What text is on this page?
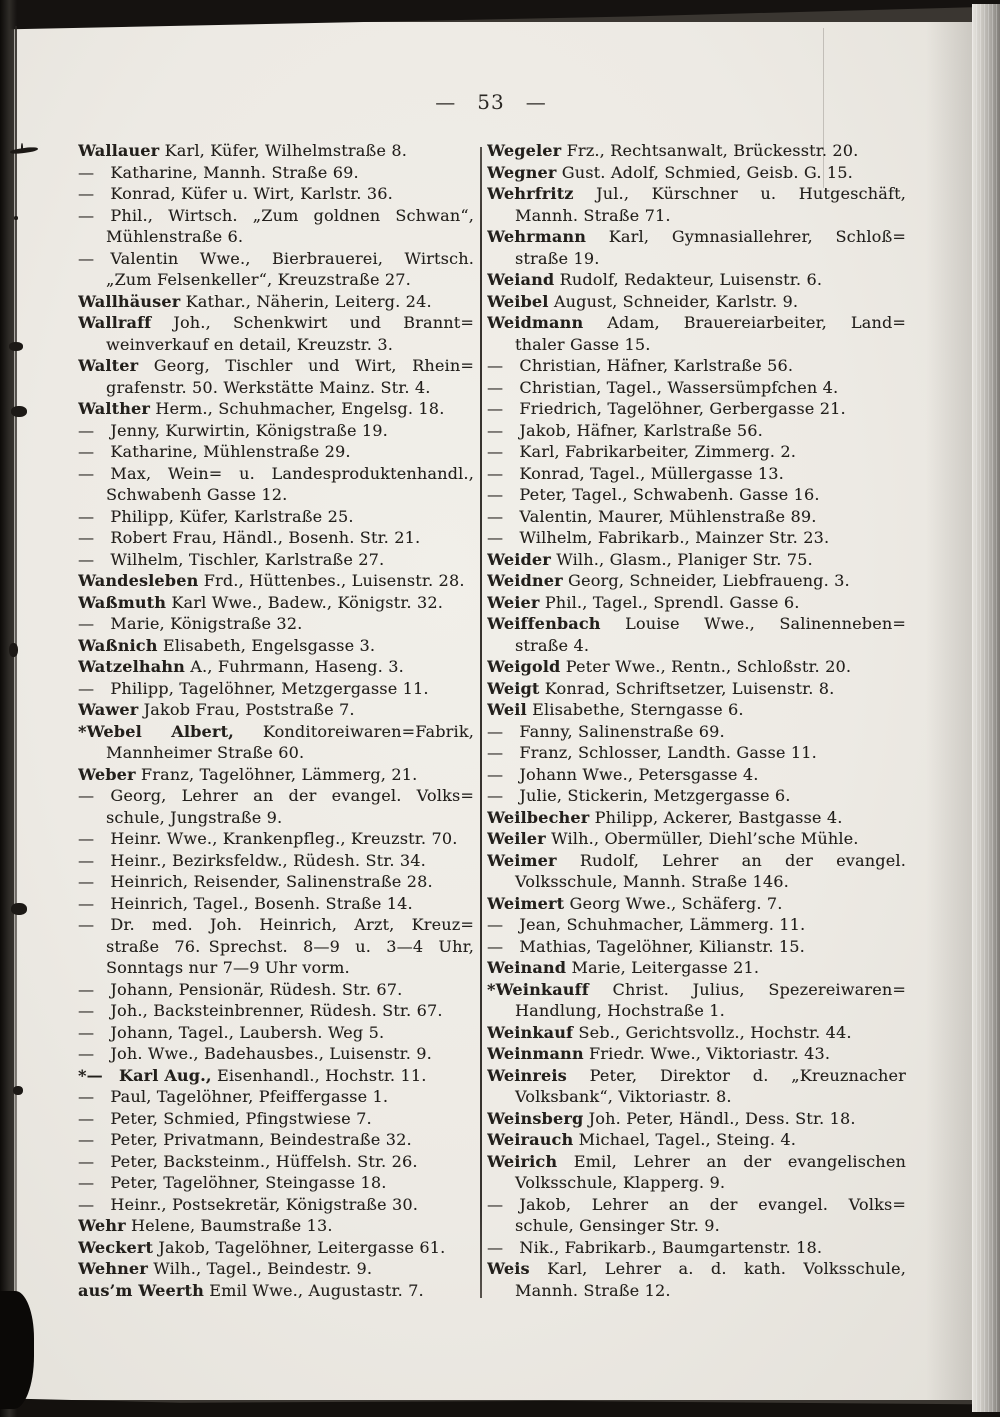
— 53 —
Wallauer Karl, Küfer, Wilhelmstraße 8.
— Katharine, Mannh. Straße 69.
— Konrad, Küfer u. Wirt, Karlstr. 36.
— Phil., Wirtsch. „Zum goldnen Schwan“,
Mühlenstraße 6.
— Valentin Wwe., Bierbrauerei, Wirtsch.
„Zum Felsenkeller“, Kreuzstraße 27.
Wallhäuser Kathar., Näherin, Leiterg. 24.
Wallraff Joh., Schenkwirt und Brannt=
weinverkauf en detail, Kreuzstr. 3.
Walter Georg, Tischler und Wirt, Rhein=
grafenstr. 50. Werkstätte Mainz. Str. 4.
Walther Herm., Schuhmacher, Engelsg. 18.
— Jenny, Kurwirtin, Königstraße 19.
— Katharine, Mühlenstraße 29.
— Max, Wein= u. Landesproduktenhandl.,
Schwabenh Gasse 12.
— Philipp, Küfer, Karlstraße 25.
— Robert Frau, Händl., Bosenh. Str. 21.
— Wilhelm, Tischler, Karlstraße 27.
Wandesleben Frd., Hüttenbes., Luisenstr. 28.
Waßmuth Karl Wwe., Badew., Königstr. 32.
— Marie, Königstraße 32.
Waßnich Elisabeth, Engelsgasse 3.
Watzelhahn A., Fuhrmann, Haseng. 3.
— Philipp, Tagelöhner, Metzgergasse 11.
Wawer Jakob Frau, Poststraße 7.
*Webel Albert, Konditoreiwaren=Fabrik,
Mannheimer Straße 60.
Weber Franz, Tagelöhner, Lämmerg, 21.
— Georg, Lehrer an der evangel. Volks=
schule, Jungstraße 9.
— Heinr. Wwe., Krankenpfleg., Kreuzstr. 70.
— Heinr., Bezirksfeldw., Rüdesh. Str. 34.
— Heinrich, Reisender, Salinenstraße 28.
— Heinrich, Tagel., Bosenh. Straße 14.
— Dr. med. Joh. Heinrich, Arzt, Kreuz=
straße 76. Sprechst. 8—9 u. 3—4 Uhr,
Sonntags nur 7—9 Uhr vorm.
— Johann, Pensionär, Rüdesh. Str. 67.
— Joh., Backsteinbrenner, Rüdesh. Str. 67.
— Johann, Tagel., Laubersh. Weg 5.
— Joh. Wwe., Badehausbes., Luisenstr. 9.
*— Karl Aug., Eisenhandl., Hochstr. 11.
— Paul, Tagelöhner, Pfeiffergasse 1.
— Peter, Schmied, Pfingstwiese 7.
— Peter, Privatmann, Beindestraße 32.
— Peter, Backsteinm., Hüffelsh. Str. 26.
— Peter, Tagelöhner, Steingasse 18.
— Heinr., Postsekretär, Königstraße 30.
Wehr Helene, Baumstraße 13.
Weckert Jakob, Tagelöhner, Leitergasse 61.
Wehner Wilh., Tagel., Beindestr. 9.
aus’m Weerth Emil Wwe., Augustastr. 7.
Wegeler Frz., Rechtsanwalt, Brückesstr. 20.
Wegner Gust. Adolf, Schmied, Geisb. G. 15.
Wehrfritz Jul., Kürschner u. Hutgeschäft,
Mannh. Straße 71.
Wehrmann Karl, Gymnasiallehrer, Schloß=
straße 19.
Weiand Rudolf, Redakteur, Luisenstr. 6.
Weibel August, Schneider, Karlstr. 9.
Weidmann Adam, Brauereiarbeiter, Land=
thaler Gasse 15.
— Christian, Häfner, Karlstraße 56.
— Christian, Tagel., Wassersümpfchen 4.
— Friedrich, Tagelöhner, Gerbergasse 21.
— Jakob, Häfner, Karlstraße 56.
— Karl, Fabrikarbeiter, Zimmerg. 2.
— Konrad, Tagel., Müllergasse 13.
— Peter, Tagel., Schwabenh. Gasse 16.
— Valentin, Maurer, Mühlenstraße 89.
— Wilhelm, Fabrikarb., Mainzer Str. 23.
Weider Wilh., Glasm., Planiger Str. 75.
Weidner Georg, Schneider, Liebfraueng. 3.
Weier Phil., Tagel., Sprendl. Gasse 6.
Weiffenbach Louise Wwe., Salinenneben=
straße 4.
Weigold Peter Wwe., Rentn., Schloßstr. 20.
Weigt Konrad, Schriftsetzer, Luisenstr. 8.
Weil Elisabethe, Sterngasse 6.
— Fanny, Salinenstraße 69.
— Franz, Schlosser, Landth. Gasse 11.
— Johann Wwe., Petersgasse 4.
— Julie, Stickerin, Metzgergasse 6.
Weilbecher Philipp, Ackerer, Bastgasse 4.
Weiler Wilh., Obermüller, Diehl’sche Mühle.
Weimer Rudolf, Lehrer an der evangel.
Volksschule, Mannh. Straße 146.
Weimert Georg Wwe., Schäferg. 7.
— Jean, Schuhmacher, Lämmerg. 11.
— Mathias, Tagelöhner, Kilianstr. 15.
Weinand Marie, Leitergasse 21.
*Weinkauff Christ. Julius, Spezereiwaren=
Handlung, Hochstraße 1.
Weinkauf Seb., Gerichtsvollz., Hochstr. 44.
Weinmann Friedr. Wwe., Viktoriastr. 43.
Weinreis Peter, Direktor d. „Kreuznacher
Volksbank“, Viktoriastr. 8.
Weinsberg Joh. Peter, Händl., Dess. Str. 18.
Weirauch Michael, Tagel., Steing. 4.
Weirich Emil, Lehrer an der evangelischen
Volksschule, Klapperg. 9.
— Jakob, Lehrer an der evangel. Volks=
schule, Gensinger Str. 9.
— Nik., Fabrikarb., Baumgartenstr. 18.
Weis Karl, Lehrer a. d. kath. Volksschule,
Mannh. Straße 12.
